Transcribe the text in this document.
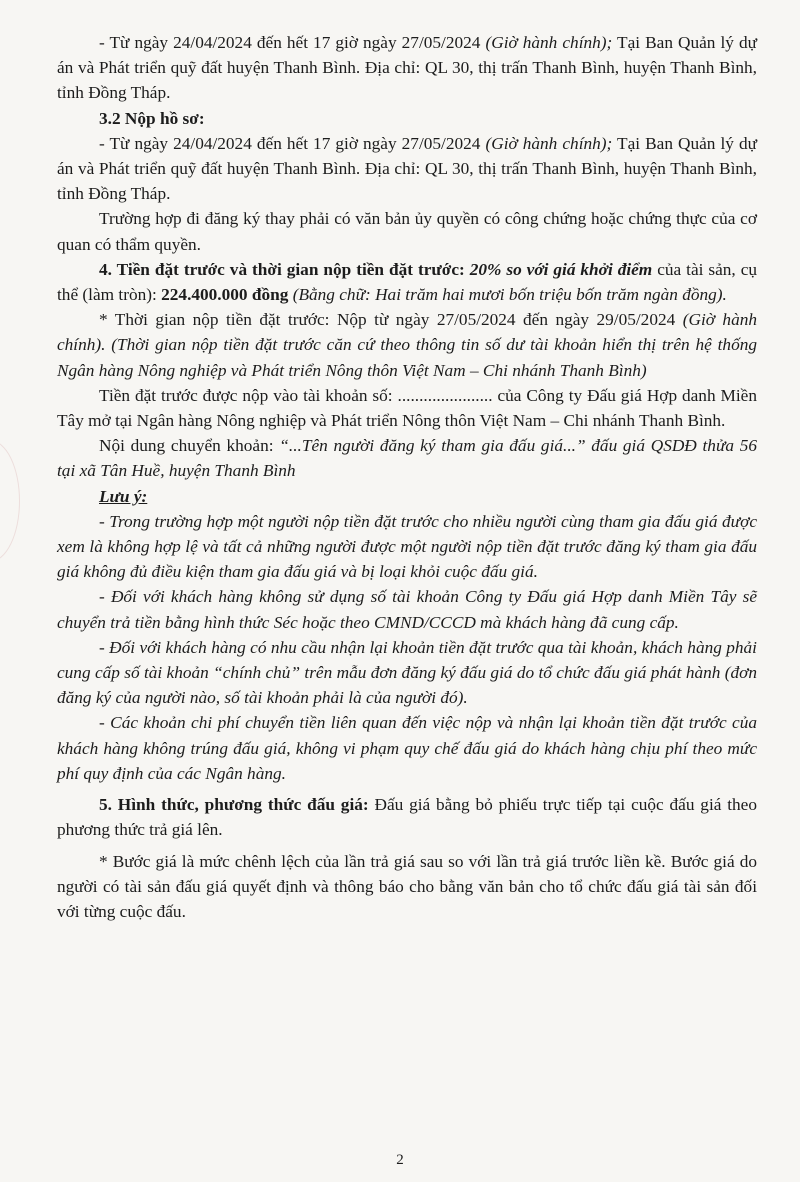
- Từ ngày 24/04/2024 đến hết 17 giờ ngày 27/05/2024 (Giờ hành chính); Tại Ban Quản lý dự án và Phát triển quỹ đất huyện Thanh Bình. Địa chỉ: QL 30, thị trấn Thanh Bình, huyện Thanh Bình, tỉnh Đồng Tháp.

3.2 Nộp hồ sơ:

- Từ ngày 24/04/2024 đến hết 17 giờ ngày 27/05/2024 (Giờ hành chính); Tại Ban Quản lý dự án và Phát triển quỹ đất huyện Thanh Bình. Địa chỉ: QL 30, thị trấn Thanh Bình, huyện Thanh Bình, tỉnh Đồng Tháp.

Trường hợp đi đăng ký thay phải có văn bản ủy quyền có công chứng hoặc chứng thực của cơ quan có thẩm quyền.

4. Tiền đặt trước và thời gian nộp tiền đặt trước: 20% so với giá khởi điểm của tài sản, cụ thể (làm tròn): 224.400.000 đồng (Bằng chữ: Hai trăm hai mươi bốn triệu bốn trăm ngàn đồng).

* Thời gian nộp tiền đặt trước: Nộp từ ngày 27/05/2024 đến ngày 29/05/2024 (Giờ hành chính). (Thời gian nộp tiền đặt trước căn cứ theo thông tin số dư tài khoản hiển thị trên hệ thống Ngân hàng Nông nghiệp và Phát triển Nông thôn Việt Nam – Chi nhánh Thanh Bình)

Tiền đặt trước được nộp vào tài khoản số: ...................... của Công ty Đấu giá Hợp danh Miền Tây mở tại Ngân hàng Nông nghiệp và Phát triển Nông thôn Việt Nam – Chi nhánh Thanh Bình.

Nội dung chuyển khoản: “...Tên người đăng ký tham gia đấu giá...” đấu giá QSDĐ thửa 56 tại xã Tân Huề, huyện Thanh Bình

Lưu ý:

- Trong trường hợp một người nộp tiền đặt trước cho nhiều người cùng tham gia đấu giá được xem là không hợp lệ và tất cả những người được một người nộp tiền đặt trước đăng ký tham gia đấu giá không đủ điều kiện tham gia đấu giá và bị loại khỏi cuộc đấu giá.

- Đối với khách hàng không sử dụng số tài khoản Công ty Đấu giá Hợp danh Miền Tây sẽ chuyển trả tiền bằng hình thức Séc hoặc theo CMND/CCCD mà khách hàng đã cung cấp.

- Đối với khách hàng có nhu cầu nhận lại khoản tiền đặt trước qua tài khoản, khách hàng phải cung cấp số tài khoản “chính chủ” trên mẫu đơn đăng ký đấu giá do tổ chức đấu giá phát hành (đơn đăng ký của người nào, số tài khoản phải là của người đó).

- Các khoản chi phí chuyển tiền liên quan đến việc nộp và nhận lại khoản tiền đặt trước của khách hàng không trúng đấu giá, không vi phạm quy chế đấu giá do khách hàng chịu phí theo mức phí quy định của các Ngân hàng.

5. Hình thức, phương thức đấu giá: Đấu giá bằng bỏ phiếu trực tiếp tại cuộc đấu giá theo phương thức trả giá lên.

* Bước giá là mức chênh lệch của lần trả giá sau so với lần trả giá trước liền kề. Bước giá do người có tài sản đấu giá quyết định và thông báo cho bằng văn bản cho tổ chức đấu giá tài sản đối với từng cuộc đấu.

2
